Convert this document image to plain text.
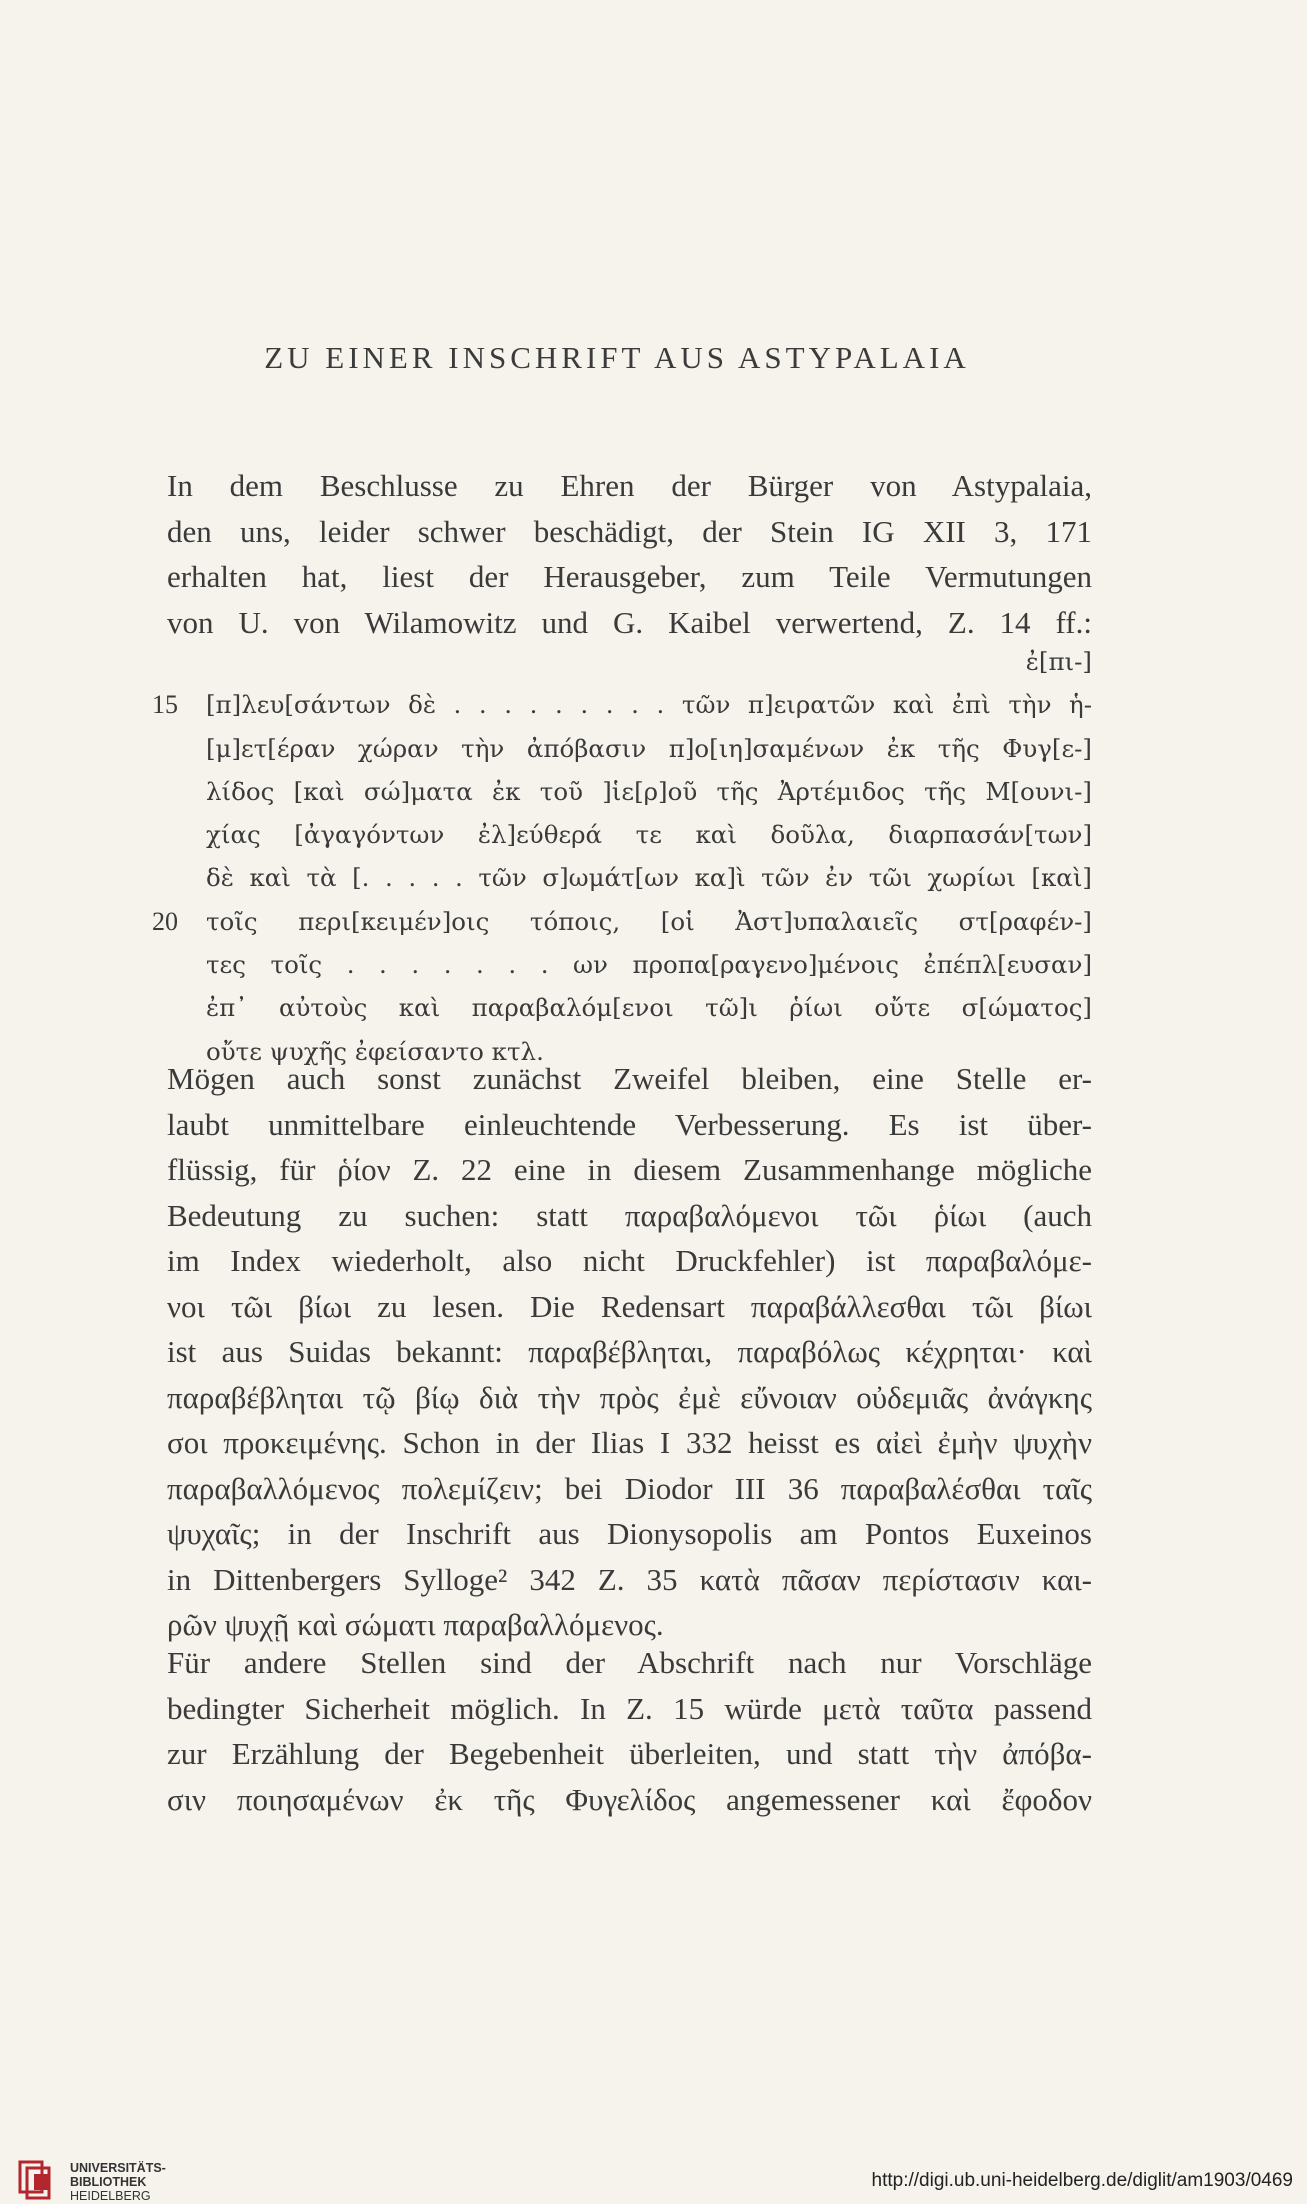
ZU EINER INSCHRIFT AUS ASTYPALAIA
In dem Beschlusse zu Ehren der Bürger von Astypalaia,
den uns, leider schwer beschädigt, der Stein IG XII 3, 171
erhalten hat, liest der Herausgeber, zum Teile Vermutungen
von U. von Wilamowitz und G. Kaibel verwertend, Z. 14 ff.:
ἐ[πι-]
15	[π]λευ[σάντων δὲ . . . . . . . . . τῶν π]ειρατῶν καὶ ἐπὶ τὴν ἡ-
[μ]ετ[έραν χώραν τὴν ἀπόβασιν π]ο[ιη]σαμένων ἐκ τῆς Φυγ[ε-]
λίδος [καὶ σώ]ματα ἐκ τοῦ ]ἱε[ρ]οῦ τῆς Ἀρτέμιδος τῆς Μ[ουνι-]
χίας [ἀγαγόντων ἐλ]εύθερά τε καὶ δοῦλα, διαρπασάν[των]
δὲ καὶ τὰ [. . . . . τῶν σ]ωμάτ[ων κα]ὶ τῶν ἐν τῶι χωρίωι [καὶ]
20	τοῖς περι[κειμέν]οις τόποις, [οἱ Ἀστ]υπαλαιεῖς στ[ραφέν-]
τες τοῖς . . . . . . . ων προπα[ραγενο]μένοις ἐπέπλ[ευσαν]
ἐπ᾽ αὐτοὺς καὶ παραβαλόμ[ενοι τῶ]ι ῥίωι οὔτε σ[ώματος]
οὔτε ψυχῆς ἐφείσαντο κτλ.
Mögen auch sonst zunächst Zweifel bleiben, eine Stelle er-
laubt unmittelbare einleuchtende Verbesserung. Es ist über-
flüssig, für ῥίον Z. 22 eine in diesem Zusammenhange mögliche
Bedeutung zu suchen: statt παραβαλόμενοι τῶι ῥίωι (auch
im Index wiederholt, also nicht Druckfehler) ist παραβαλόμε-
νοι τῶι βίωι zu lesen. Die Redensart παραβάλλεσθαι τῶι βίωι
ist aus Suidas bekannt: παραβέβληται, παραβόλως κέχρηται· καὶ
παραβέβληται τῷ βίῳ διὰ τὴν πρὸς ἐμὲ εὔνοιαν οὐδεμιᾶς ἀνάγκης
σοι προκειμένης. Schon in der Ilias I 332 heisst es αἰεὶ ἐμὴν ψυχὴν
παραβαλλόμενος πολεμίζειν; bei Diodor III 36 παραβαλέσθαι ταῖς
ψυχαῖς; in der Inschrift aus Dionysopolis am Pontos Euxeinos
in Dittenbergers Sylloge² 342 Z. 35 κατὰ πᾶσαν περίστασιν και-
ρῶν ψυχῇ καὶ σώματι παραβαλλόμενος.
Für andere Stellen sind der Abschrift nach nur Vorschläge
bedingter Sicherheit möglich. In Z. 15 würde μετὰ ταῦτα passend
zur Erzählung der Begebenheit überleiten, und statt τὴν ἀπόβα-
σιν ποιησαμένων ἐκ τῆς Φυγελίδος angemessener καὶ ἔφοδον
UNIVERSITÄTS-
BIBLIOTHEK
HEIDELBERG
http://digi.ub.uni-heidelberg.de/diglit/am1903/0469
